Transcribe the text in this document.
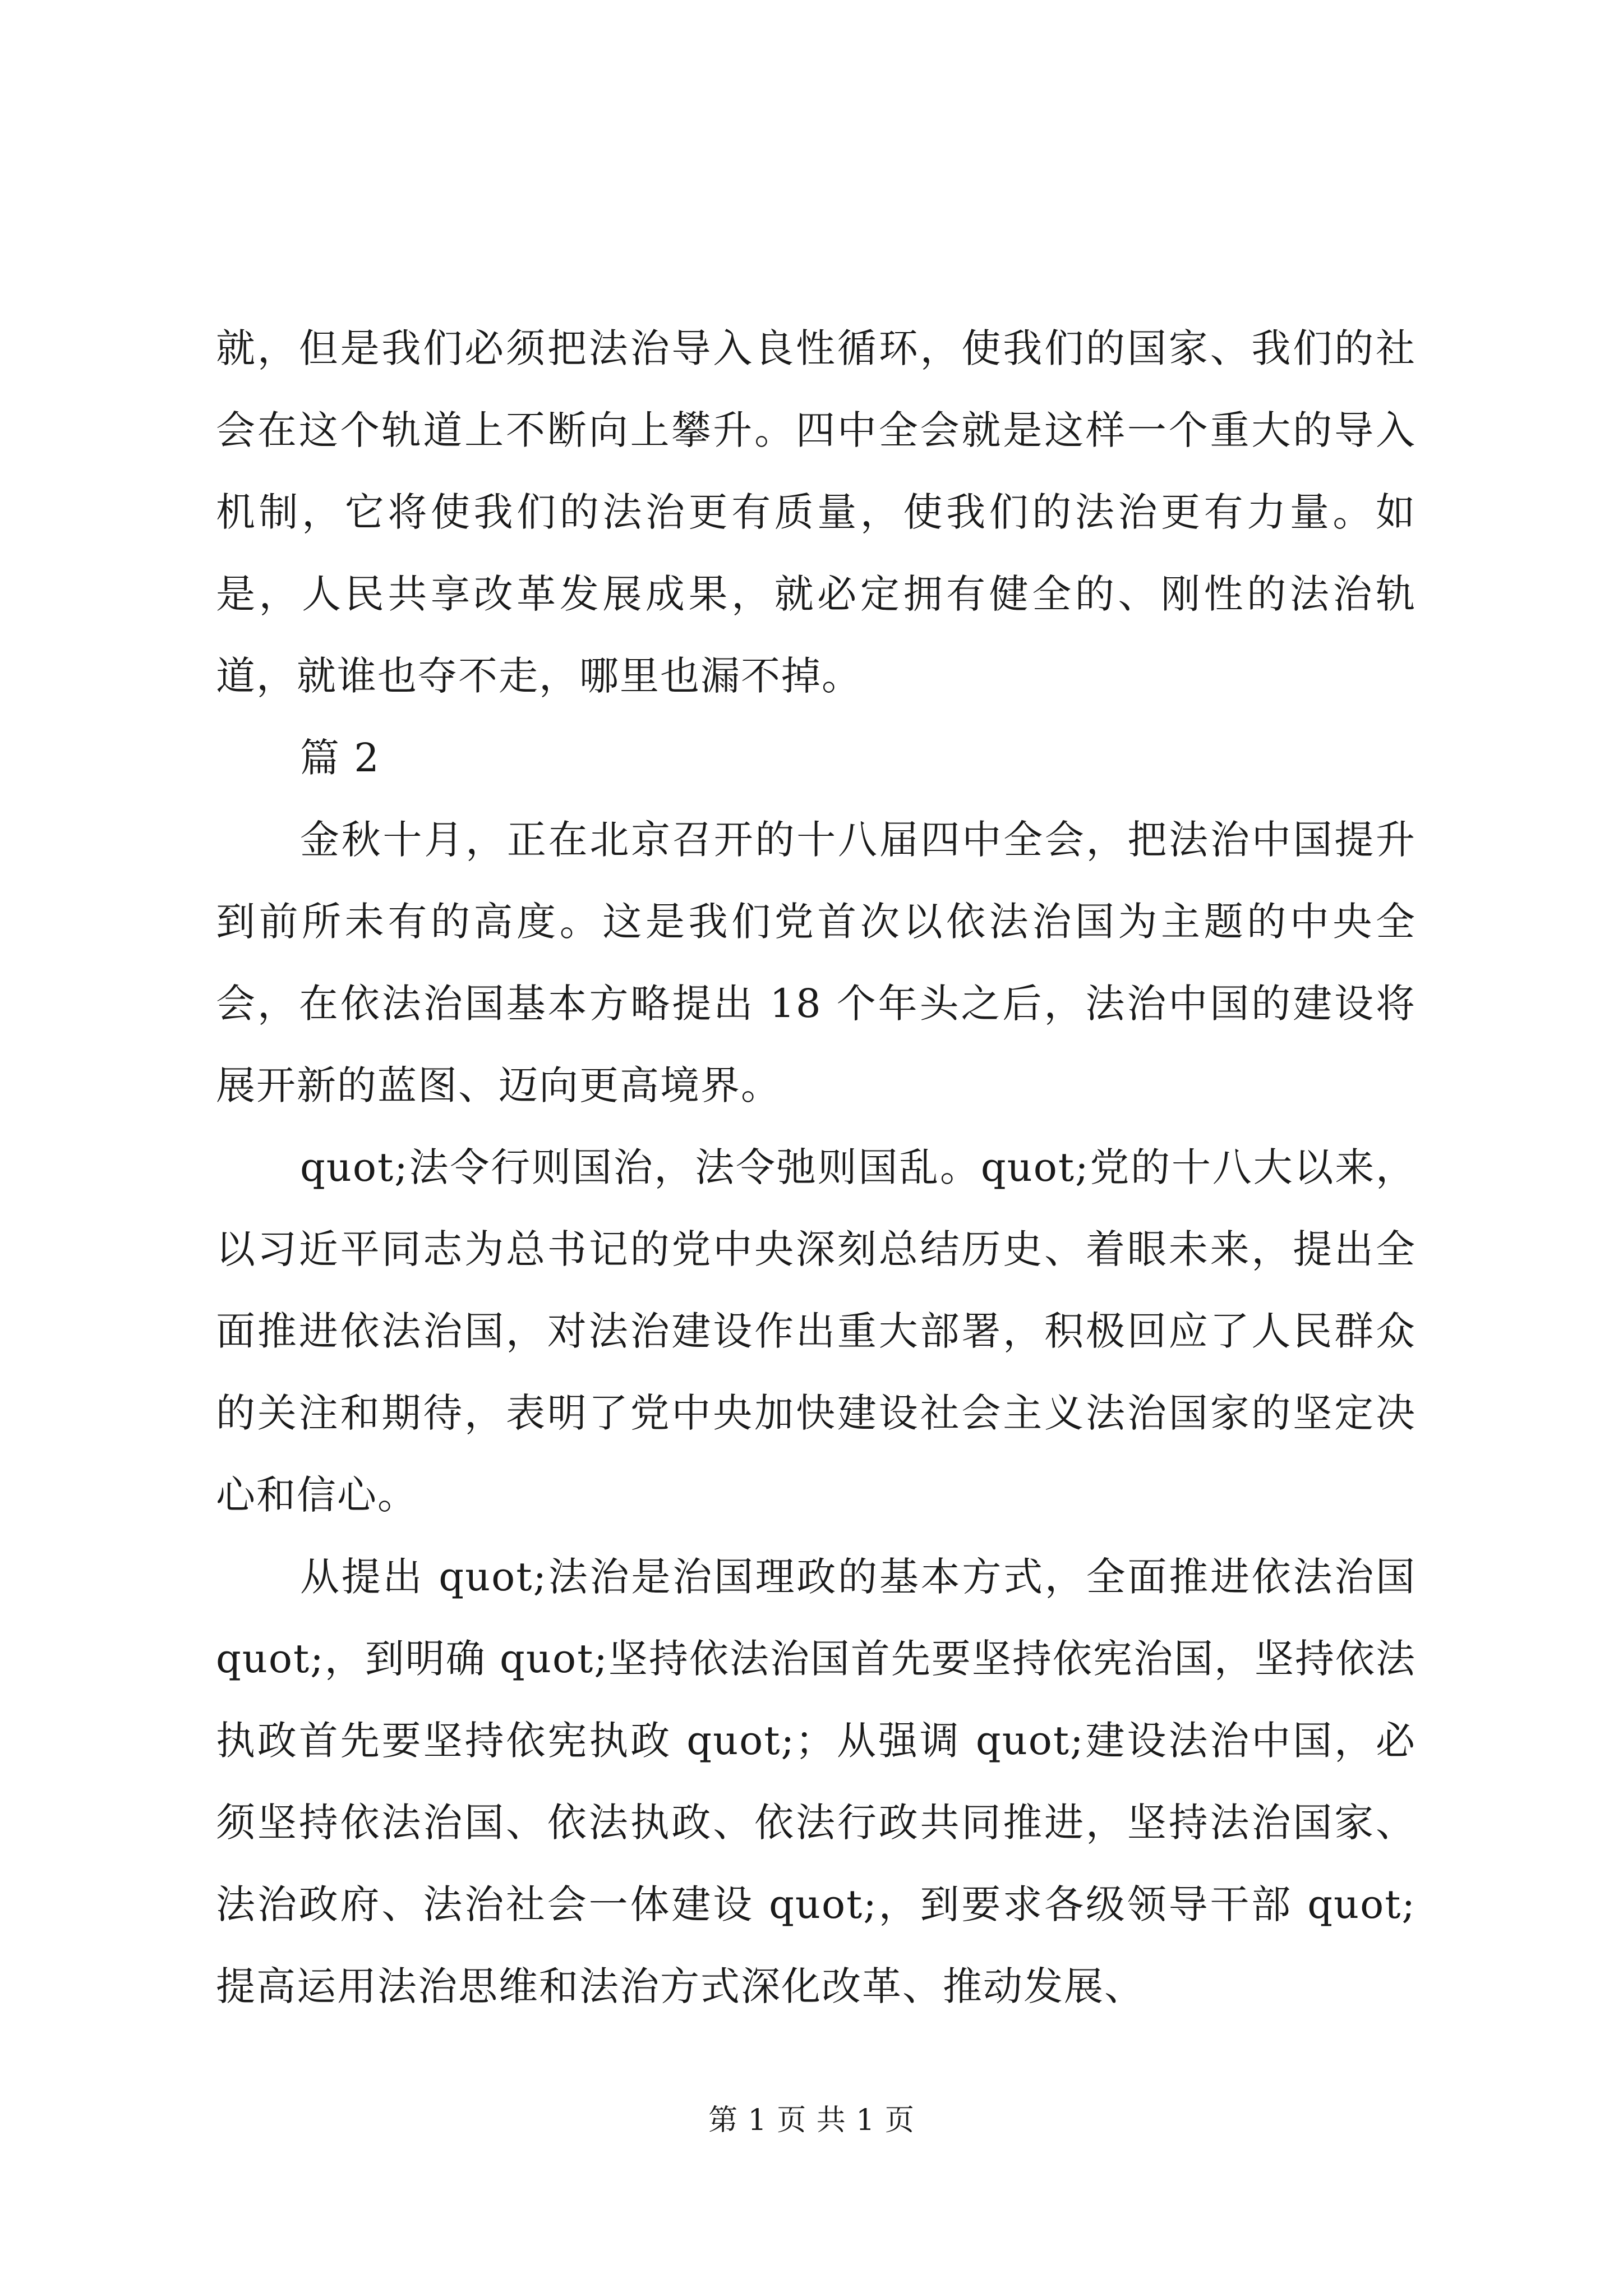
就，但是我们必须把法治导入良性循环，使我们的国家、我们的社会在这个轨道上不断向上攀升。四中全会就是这样一个重大的导入机制，它将使我们的法治更有质量，使我们的法治更有力量。如是，人民共享改革发展成果，就必定拥有健全的、刚性的法治轨道，就谁也夺不走，哪里也漏不掉。

篇 2

金秋十月，正在北京召开的十八届四中全会，把法治中国提升到前所未有的高度。这是我们党首次以依法治国为主题的中央全会，在依法治国基本方略提出 18 个年头之后，法治中国的建设将展开新的蓝图、迈向更高境界。

quot;法令行则国治，法令弛则国乱。quot;党的十八大以来，以习近平同志为总书记的党中央深刻总结历史、着眼未来，提出全面推进依法治国，对法治建设作出重大部署，积极回应了人民群众的关注和期待，表明了党中央加快建设社会主义法治国家的坚定决心和信心。

从提出 quot;法治是治国理政的基本方式，全面推进依法治国 quot;，到明确 quot;坚持依法治国首先要坚持依宪治国，坚持依法执政首先要坚持依宪执政 quot;；从强调 quot;建设法治中国，必须坚持依法治国、依法执政、依法行政共同推进，坚持法治国家、法治政府、法治社会一体建设 quot;，到要求各级领导干部 quot;提高运用法治思维和法治方式深化改革、推动发展、

第 1 页 共 1 页
